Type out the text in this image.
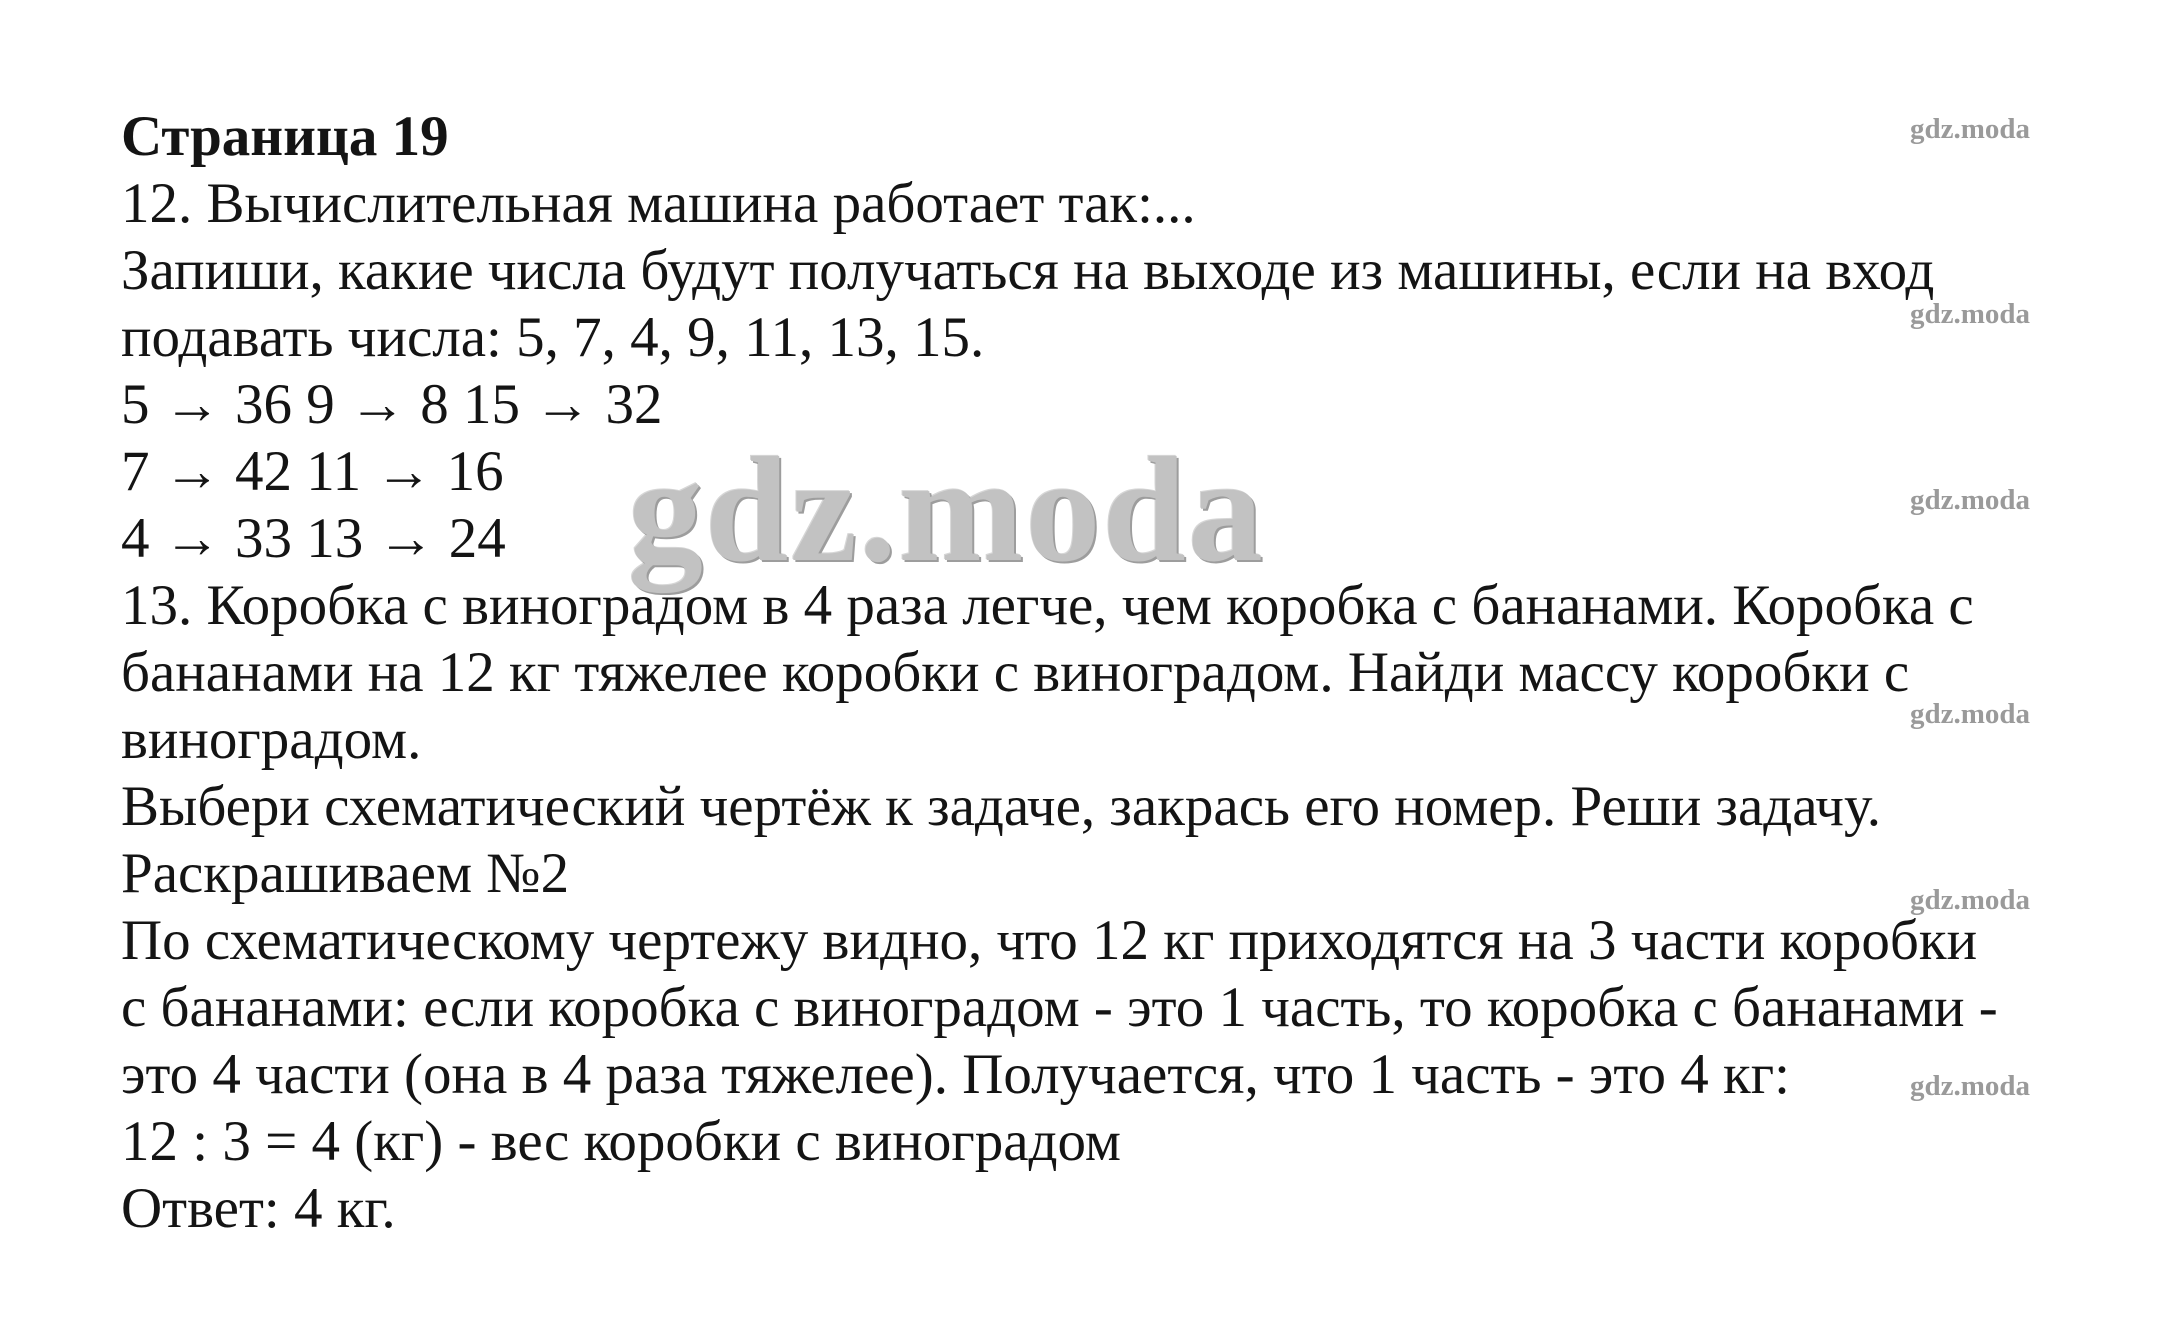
Страница 19
12. Вычислительная машина работает так:...
Запиши, какие числа будут получаться на выходе из машины, если на вход
подавать числа: 5, 7, 4, 9, 11, 13, 15.
5 → 36 9 → 8 15 → 32
7 → 42 11 → 16
4 → 33 13 → 24
13. Коробка с виноградом в 4 раза легче, чем коробка с бананами. Коробка с
бананами на 12 кг тяжелее коробки с виноградом. Найди массу коробки с
виноградом.
Выбери схематический чертёж к задаче, закрась его номер. Реши задачу.
Раскрашиваем №2
По схематическому чертежу видно, что 12 кг приходятся на 3 части коробки
с бананами: если коробка с виноградом - это 1 часть, то коробка с бананами -
это 4 части (она в 4 раза тяжелее). Получается, что 1 часть - это 4 кг:
12 : 3 = 4 (кг) - вес коробки с виноградом
Ответ: 4 кг.
gdz.moda
gdz.moda
gdz.moda
gdz.moda
gdz.moda
gdz.moda
gdz.moda
